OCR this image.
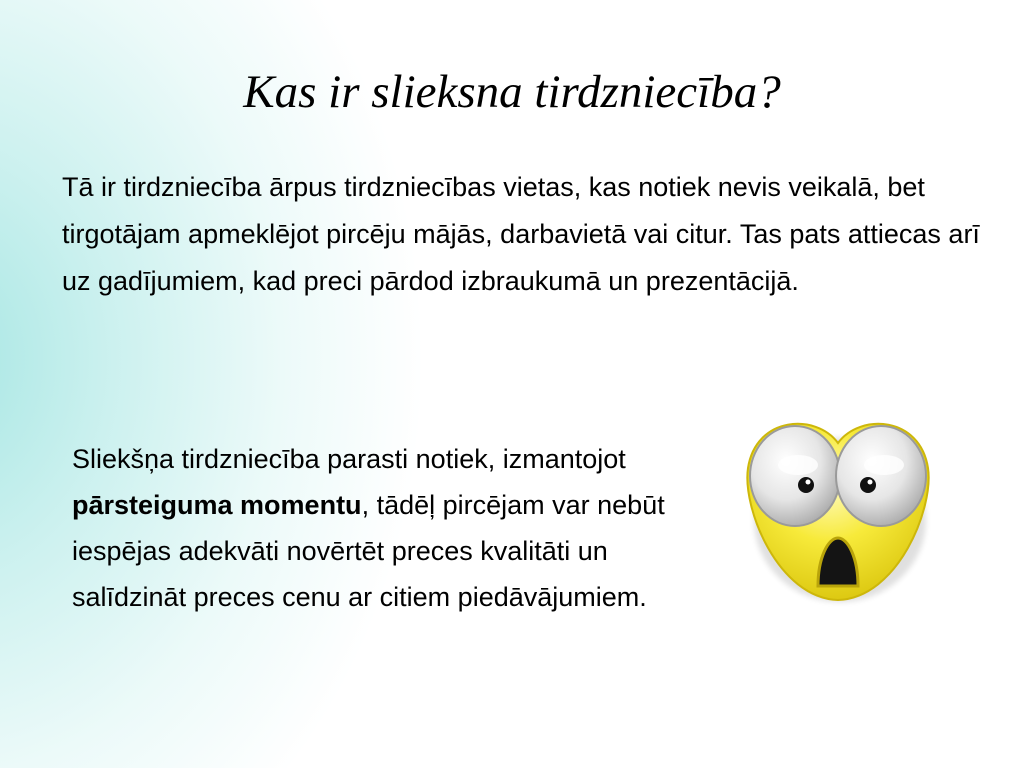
Kas ir slieksna tirdzniecība?

Tā ir tirdzniecība ārpus tirdzniecības vietas, kas notiek nevis veikalā, bet tirgotājam apmeklējot pircēju mājās, darbavietā vai citur. Tas pats attiecas arī uz gadījumiem, kad preci pārdod izbraukumā un prezentācijā.

Sliekšņa tirdzniecība parasti notiek, izmantojot pārsteiguma momentu, tādēļ pircējam var nebūt iespējas adekvāti novērtēt preces kvalitāti un salīdzināt preces cenu ar citiem piedāvājumiem.
